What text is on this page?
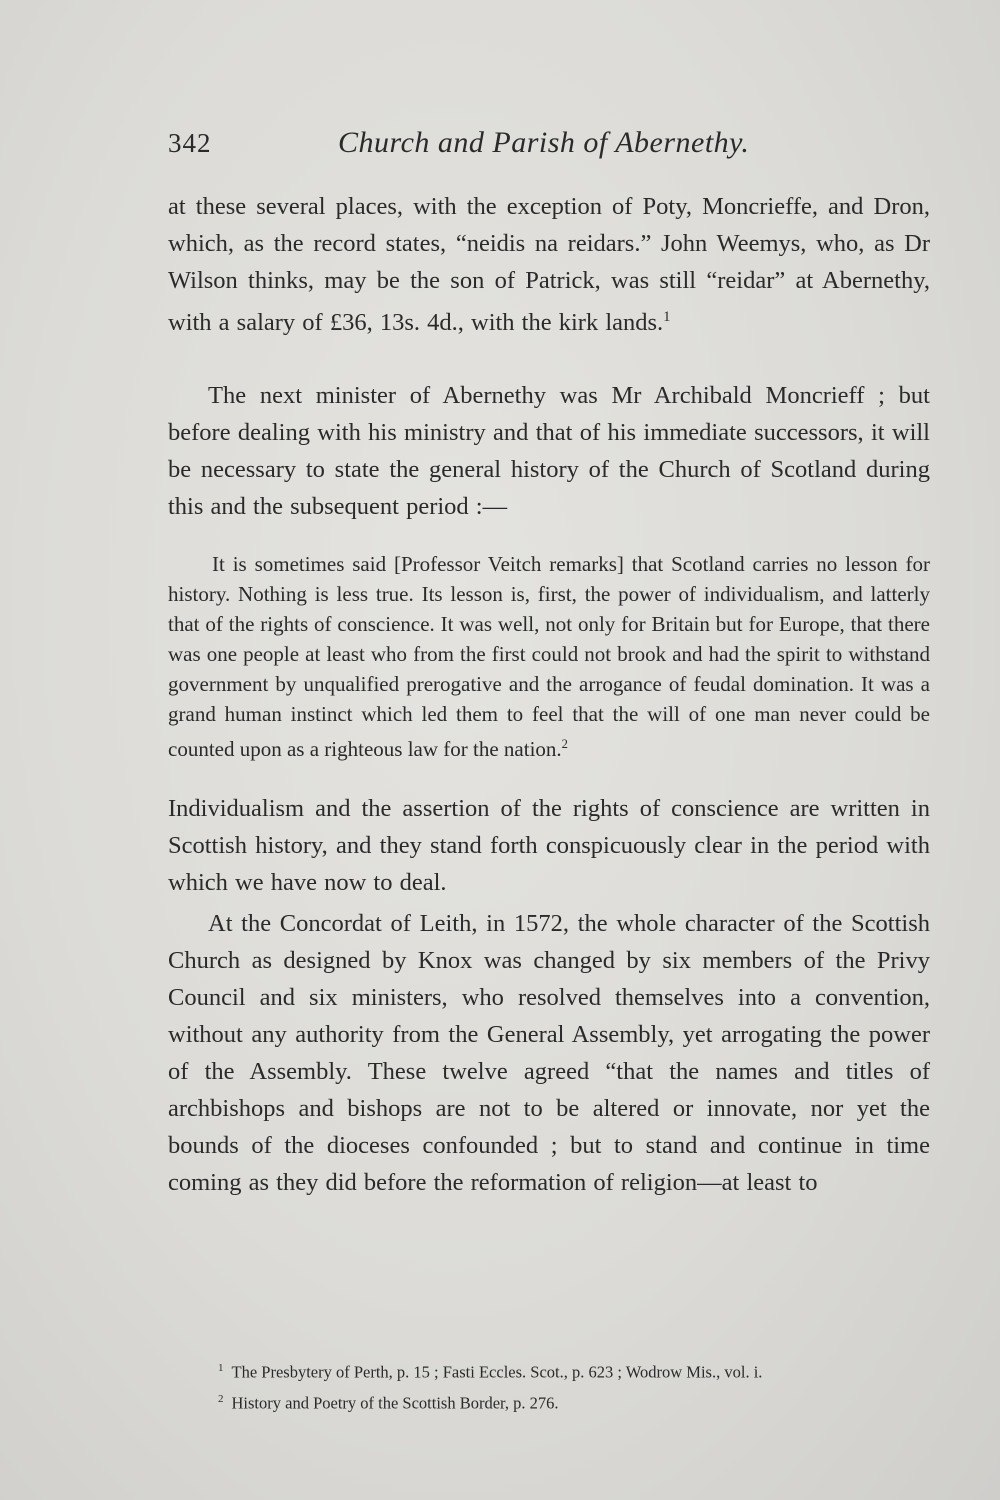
342	Church and Parish of Abernethy.

at these several places, with the exception of Poty, Moncrieffe, and Dron, which, as the record states, “neidis na reidars.” John Weemys, who, as Dr Wilson thinks, may be the son of Patrick, was still “reidar” at Abernethy, with a salary of £36, 13s. 4d., with the kirk lands.$^1$

The next minister of Abernethy was Mr Archibald Moncrieff ; but before dealing with his ministry and that of his immediate successors, it will be necessary to state the general history of the Church of Scotland during this and the subsequent period :—

It is sometimes said [Professor Veitch remarks] that Scotland carries no lesson for history. Nothing is less true. Its lesson is, first, the power of individualism, and latterly that of the rights of conscience. It was well, not only for Britain but for Europe, that there was one people at least who from the first could not brook and had the spirit to withstand government by unqualified prerogative and the arrogance of feudal domination. It was a grand human instinct which led them to feel that the will of one man never could be counted upon as a righteous law for the nation.$^2$

Individualism and the assertion of the rights of conscience are written in Scottish history, and they stand forth conspicuously clear in the period with which we have now to deal.

At the Concordat of Leith, in 1572, the whole character of the Scottish Church as designed by Knox was changed by six members of the Privy Council and six ministers, who resolved themselves into a convention, without any authority from the General Assembly, yet arrogating the power of the Assembly. These twelve agreed “that the names and titles of archbishops and bishops are not to be altered or innovate, nor yet the bounds of the dioceses confounded ; but to stand and continue in time coming as they did before the reformation of religion—at least to

$^1$ The Presbytery of Perth, p. 15 ; Fasti Eccles. Scot., p. 623 ; Wodrow Mis., vol. i.
$^2$ History and Poetry of the Scottish Border, p. 276.
